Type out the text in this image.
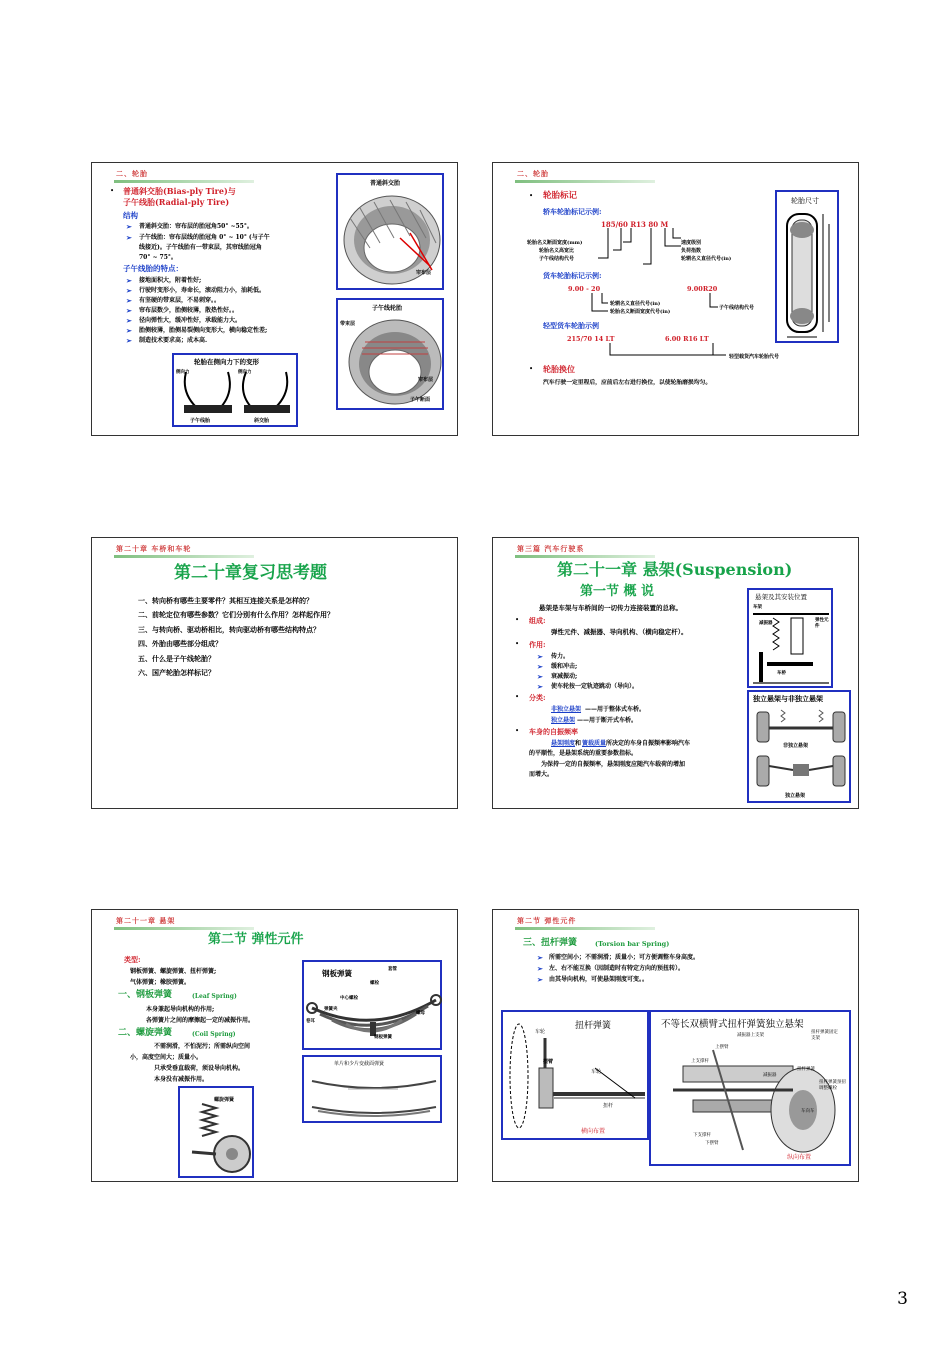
二、轮胎
• 普通斜交胎(Bias-ply Tire)与
子午线胎(Radial-ply Tire)
结构
➢ 普通斜交胎：帘布层的胎冠角50° ~55°。
➢ 子午线胎：帘布层线的胎冠角 0° ~ 10° (与子午
线接近)。子午线胎有一带束层，其帘线胎冠角
70° ~ 75°。
子午线胎的特点：
➢ 接地面积大，附着性好;
➢ 行驶时变形小，寿命长，滚动阻力小，油耗低。
➢ 有坚硬的带束层，不易刺穿。。
➢ 帘布层数少，胎侧较薄，散热性好。。
➢ 径向弹性大，缓冲性好，承载能力大。
➢ 胎侧较薄，胎侧易裂侧向变形大，横向稳定性差;
➢ 制造技术要求高；成本高.
普通斜交胎
帘布层
子午线轮胎
带束层
帘布层
子午断面
轮胎在侧向力下的变形
侧向力	侧向力
子午线胎	斜交胎
二、轮胎
• 轮胎标记
轿车轮胎标记示例:
185/60 R13 80 M
轮胎名义断面宽度(mm)
轮胎名义高宽比
子午线结构代号
速度级别
负荷指数
轮辋名义直径代号(in)
货车轮胎标记示例:
9.00 - 20	9.00R20
轮辋名义直径代号(in)
轮胎名义断面宽度代号(in)
子午线结构代号
轻型货车轮胎示例
215/70 14 LT	6.00 R16 LT
轻型载货汽车轮胎代号
• 轮胎换位
汽车行驶一定里程后，应前后左右进行换位，以使轮胎磨损均匀。
轮胎尺寸
第二十章 车桥和车轮
第二十章复习思考题
一、转向桥有哪些主要零件？其相互连接关系是怎样的？
二、前轮定位有哪些参数？它们分别有什么作用？怎样起作用？
三、与转向桥、驱动桥相比，转向驱动桥有哪些结构特点？
四、外胎由哪些部分组成？
五、什么是子午线轮胎？
六、国产轮胎怎样标记？
第三篇 汽车行驶系
第二十一章 悬架(Suspension)
第一节 概 说
悬架是车架与车桥间的一切传力连接装置的总称。
• 组成:
弹性元件、减振器、导向机构、（横向稳定杆）。
• 作用:
➢ 传力。
➢ 缓和冲击;
➢ 衰减振动;
➢ 使车轮按一定轨迹跳动（导向）。
• 分类:
非独立悬架 ——用于整体式车桥。
独立悬架 ——用于断开式车桥。
• 车身的自振频率
悬架刚度 和 簧载质量 所决定的车身自振频率影响汽车
的平顺性，是悬架系统的重要参数指标。
为保持一定的自振频率，悬架刚度应随汽车载荷的增加
而增大。
悬架及其安装位置
车架
减振器
弹性元件
车桥
独立悬架与非独立悬架
非独立悬架
独立悬架
第二十一章 悬架
第二节 弹性元件
类型:
钢板弹簧、螺旋弹簧、扭杆弹簧;
气体弹簧；橡胶弹簧。
一、钢板弹簧	(Leaf Spring)
本身兼起导向机构的作用;
各弹簧片之间的摩擦起一定的减振作用。
二、螺旋弹簧	(Coil Spring)
不需润滑，不怕泥污；所需纵向空间
小，高度空间大；质量小。
只承受垂直载荷，须设导向机构。
本身没有减振作用。
钢板弹簧
中心螺栓
卷耳
弹簧夹
钢板弹簧
螺栓
套管
螺母
单片和少片变截面弹簧
螺旋弹簧
第二节 弹性元件
三、扭杆弹簧	(Torsion bar Spring)
➢ 所需空间小；不需润滑；质量小；可方便调整车身高度。
➢ 左、右不能互换（因制造时有特定方向的预扭转）。
➢ 由其导向机构，可使悬架刚度可变。。
扭杆弹簧
车轮
摆臂
车轮
扭杆
横向布置
不等长双横臂式扭杆弹簧独立悬架
减振器上支架
扭杆弹簧固定支架
上摆臂
上支撑杆
减振器
扭杆弹簧
扭杆弹簧预扭调整螺栓
车向车
下支撑杆
下摆臂
纵向布置
3
